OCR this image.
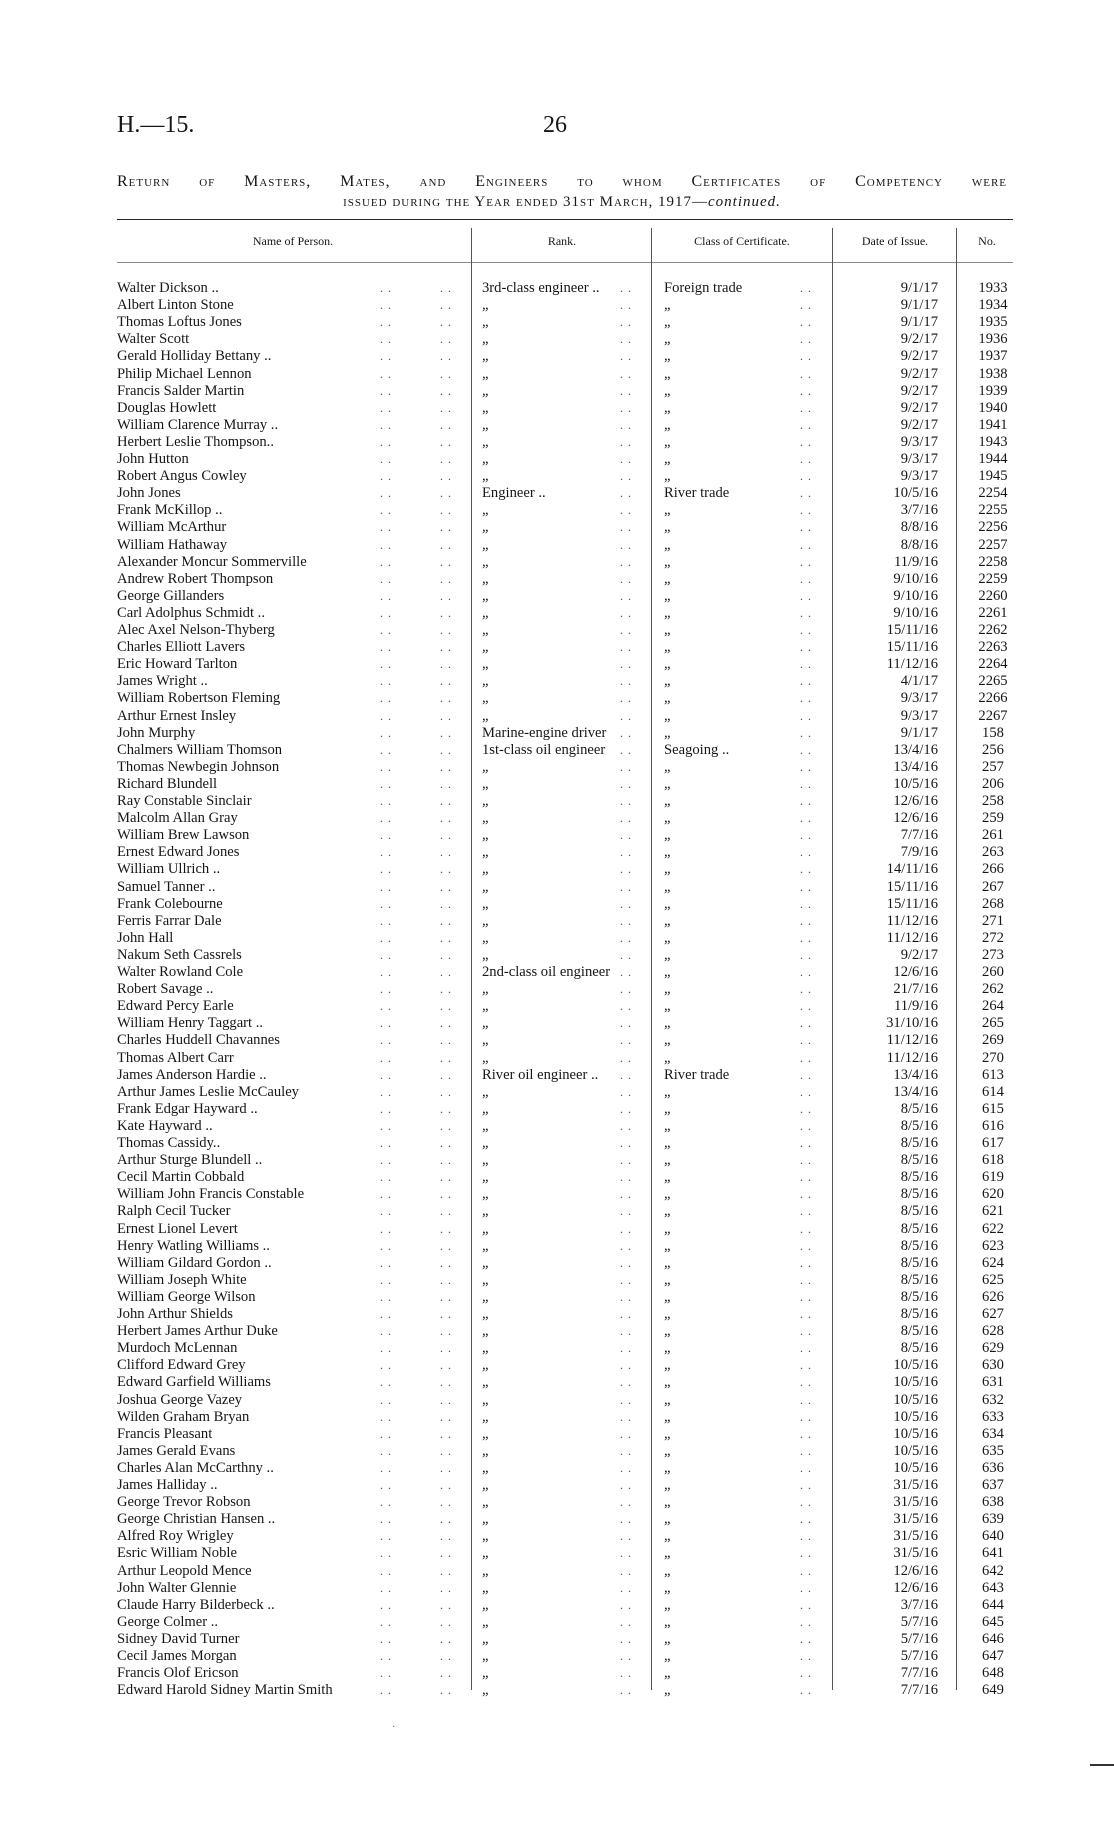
H.—15.	26
Return of Masters, Mates, and Engineers to whom Certificates of Competency were
issued during the Year ended 31st March, 1917—continued.
Name of Person.	Rank.	Class of Certificate.	Date of Issue.	No.
Walter Dickson ..	3rd-class engineer ..	Foreign trade	9/1/17	1933
. .	. .	. .	. .
Albert Linton Stone	„	„	9/1/17	1934
. .	. .	. .	. .
Thomas Loftus Jones	„	„	9/1/17	1935
. .	. .	. .	. .
Walter Scott	„	„	9/2/17	1936
. .	. .	. .	. .
Gerald Holliday Bettany ..	„	„	9/2/17	1937
. .	. .	. .	. .
Philip Michael Lennon	„	„	9/2/17	1938
. .	. .	. .	. .
Francis Salder Martin	„	„	9/2/17	1939
. .	. .	. .	. .
Douglas Howlett	„	„	9/2/17	1940
. .	. .	. .	. .
William Clarence Murray ..	„	„	9/2/17	1941
. .	. .	. .	. .
Herbert Leslie Thompson..	„	„	9/3/17	1943
. .	. .	. .	. .
John Hutton	„	„	9/3/17	1944
. .	. .	. .	. .
Robert Angus Cowley	„	„	9/3/17	1945
. .	. .	. .	. .
John Jones	Engineer ..	River trade	10/5/16	2254
. .	. .	. .	. .
Frank McKillop ..	„	„	3/7/16	2255
. .	. .	. .	. .
William McArthur	„	„	8/8/16	2256
. .	. .	. .	. .
William Hathaway	„	„	8/8/16	2257
. .	. .	. .	. .
Alexander Moncur Sommerville	„	„	11/9/16	2258
. .	. .	. .	. .
Andrew Robert Thompson	„	„	9/10/16	2259
. .	. .	. .	. .
George Gillanders	„	„	9/10/16	2260
. .	. .	. .	. .
Carl Adolphus Schmidt ..	„	„	9/10/16	2261
. .	. .	. .	. .
Alec Axel Nelson-Thyberg	„	„	15/11/16	2262
. .	. .	. .	. .
Charles Elliott Lavers	„	„	15/11/16	2263
. .	. .	. .	. .
Eric Howard Tarlton	„	„	11/12/16	2264
. .	. .	. .	. .
James Wright ..	„	„	4/1/17	2265
. .	. .	. .	. .
William Robertson Fleming	„	„	9/3/17	2266
. .	. .	. .	. .
Arthur Ernest Insley	„	„	9/3/17	2267
. .	. .	. .	. .
John Murphy	Marine-engine driver	„	9/1/17	158
. .	. .	. .	. .
Chalmers William Thomson	1st-class oil engineer	Seagoing ..	13/4/16	256
. .	. .	. .	. .
Thomas Newbegin Johnson	„	„	13/4/16	257
. .	. .	. .	. .
Richard Blundell	„	„	10/5/16	206
. .	. .	. .	. .
Ray Constable Sinclair	„	„	12/6/16	258
. .	. .	. .	. .
Malcolm Allan Gray	„	„	12/6/16	259
. .	. .	. .	. .
William Brew Lawson	„	„	7/7/16	261
. .	. .	. .	. .
Ernest Edward Jones	„	„	7/9/16	263
. .	. .	. .	. .
William Ullrich ..	„	„	14/11/16	266
. .	. .	. .	. .
Samuel Tanner ..	„	„	15/11/16	267
. .	. .	. .	. .
Frank Colebourne	„	„	15/11/16	268
. .	. .	. .	. .
Ferris Farrar Dale	„	„	11/12/16	271
. .	. .	. .	. .
John Hall	„	„	11/12/16	272
. .	. .	. .	. .
Nakum Seth Cassrels	„	„	9/2/17	273
. .	. .	. .	. .
Walter Rowland Cole	2nd-class oil engineer	„	12/6/16	260
. .	. .	. .	. .
Robert Savage ..	„	„	21/7/16	262
. .	. .	. .	. .
Edward Percy Earle	„	„	11/9/16	264
. .	. .	. .	. .
William Henry Taggart ..	„	„	31/10/16	265
. .	. .	. .	. .
Charles Huddell Chavannes	„	„	11/12/16	269
. .	. .	. .	. .
Thomas Albert Carr	„	„	11/12/16	270
. .	. .	. .	. .
James Anderson Hardie ..	River oil engineer ..	River trade	13/4/16	613
. .	. .	. .	. .
Arthur James Leslie McCauley	„	„	13/4/16	614
. .	. .	. .	. .
Frank Edgar Hayward ..	„	„	8/5/16	615
. .	. .	. .	. .
Kate Hayward ..	„	„	8/5/16	616
. .	. .	. .	. .
Thomas Cassidy..	„	„	8/5/16	617
. .	. .	. .	. .
Arthur Sturge Blundell ..	„	„	8/5/16	618
. .	. .	. .	. .
Cecil Martin Cobbald	„	„	8/5/16	619
. .	. .	. .	. .
William John Francis Constable	„	„	8/5/16	620
. .	. .	. .	. .
Ralph Cecil Tucker	„	„	8/5/16	621
. .	. .	. .	. .
Ernest Lionel Levert	„	„	8/5/16	622
. .	. .	. .	. .
Henry Watling Williams ..	„	„	8/5/16	623
. .	. .	. .	. .
William Gildard Gordon ..	„	„	8/5/16	624
. .	. .	. .	. .
William Joseph White	„	„	8/5/16	625
. .	. .	. .	. .
William George Wilson	„	„	8/5/16	626
. .	. .	. .	. .
John Arthur Shields	„	„	8/5/16	627
. .	. .	. .	. .
Herbert James Arthur Duke	„	„	8/5/16	628
. .	. .	. .	. .
Murdoch McLennan	„	„	8/5/16	629
. .	. .	. .	. .
Clifford Edward Grey	„	„	10/5/16	630
. .	. .	. .	. .
Edward Garfield Williams	„	„	10/5/16	631
. .	. .	. .	. .
Joshua George Vazey	„	„	10/5/16	632
. .	. .	. .	. .
Wilden Graham Bryan	„	„	10/5/16	633
. .	. .	. .	. .
Francis Pleasant	„	„	10/5/16	634
. .	. .	. .	. .
James Gerald Evans	„	„	10/5/16	635
. .	. .	. .	. .
Charles Alan McCarthny ..	„	„	10/5/16	636
. .	. .	. .	. .
James Halliday ..	„	„	31/5/16	637
. .	. .	. .	. .
George Trevor Robson	„	„	31/5/16	638
. .	. .	. .	. .
George Christian Hansen ..	„	„	31/5/16	639
. .	. .	. .	. .
Alfred Roy Wrigley	„	„	31/5/16	640
. .	. .	. .	. .
Esric William Noble	„	„	31/5/16	641
. .	. .	. .	. .
Arthur Leopold Mence	„	„	12/6/16	642
. .	. .	. .	. .
John Walter Glennie	„	„	12/6/16	643
. .	. .	. .	. .
Claude Harry Bilderbeck ..	„	„	3/7/16	644
. .	. .	. .	. .
George Colmer ..	„	„	5/7/16	645
. .	. .	. .	. .
Sidney David Turner	„	„	5/7/16	646
. .	. .	. .	. .
Cecil James Morgan	„	„	5/7/16	647
. .	. .	. .	. .
Francis Olof Ericson	„	„	7/7/16	648
. .	. .	. .	. .
Edward Harold Sidney Martin Smith	„	„	7/7/16	649
. .	. .	. .	. .
·
